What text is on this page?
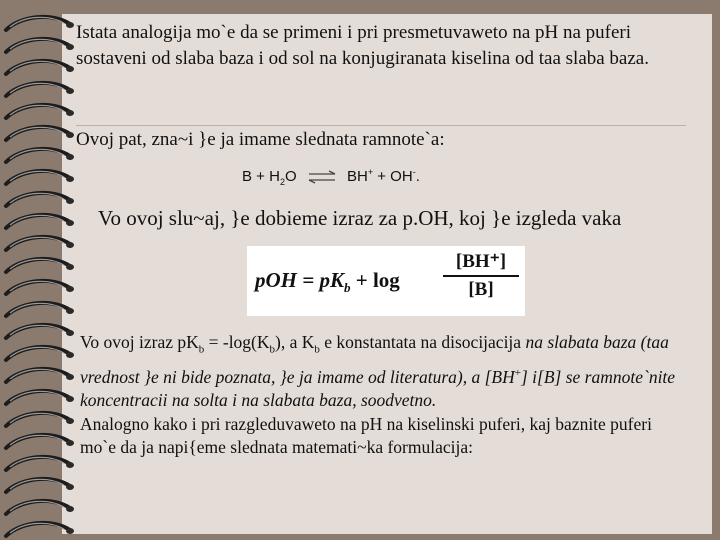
Istata analogija mo`e da se primeni i pri presmetuvaweto na pH na puferi sostaveni od slaba baza i od sol na konjugiranata kiselina od taa slaba baza.
Ovoj pat, zna~i }e ja imame slednata ramnote`a:
$B + H_2O$ ⇌ BH+ + OH-.
Vo ovoj slu~aj, }e dobieme izraz za p.OH, koj }e izgleda vaka
pOH = $pK_b + \log$
[BH⁺]
[B]
Vo ovoj izraz $pK_b = -\log(K_b)$, a $K_b$ e konstantata na disocijacija na slabata baza (taa vrednost }e ni bide poznata, }e ja imame od literatura), a [BH+] i[B] se ramnote`nite koncentracii na solta i na slabata baza, soodvetno.
Analogno kako i pri razgleduvaweto na pH na kiselinski puferi, kaj baznite puferi mo`e da ja napi{eme slednata matemati~ka formulacija:
